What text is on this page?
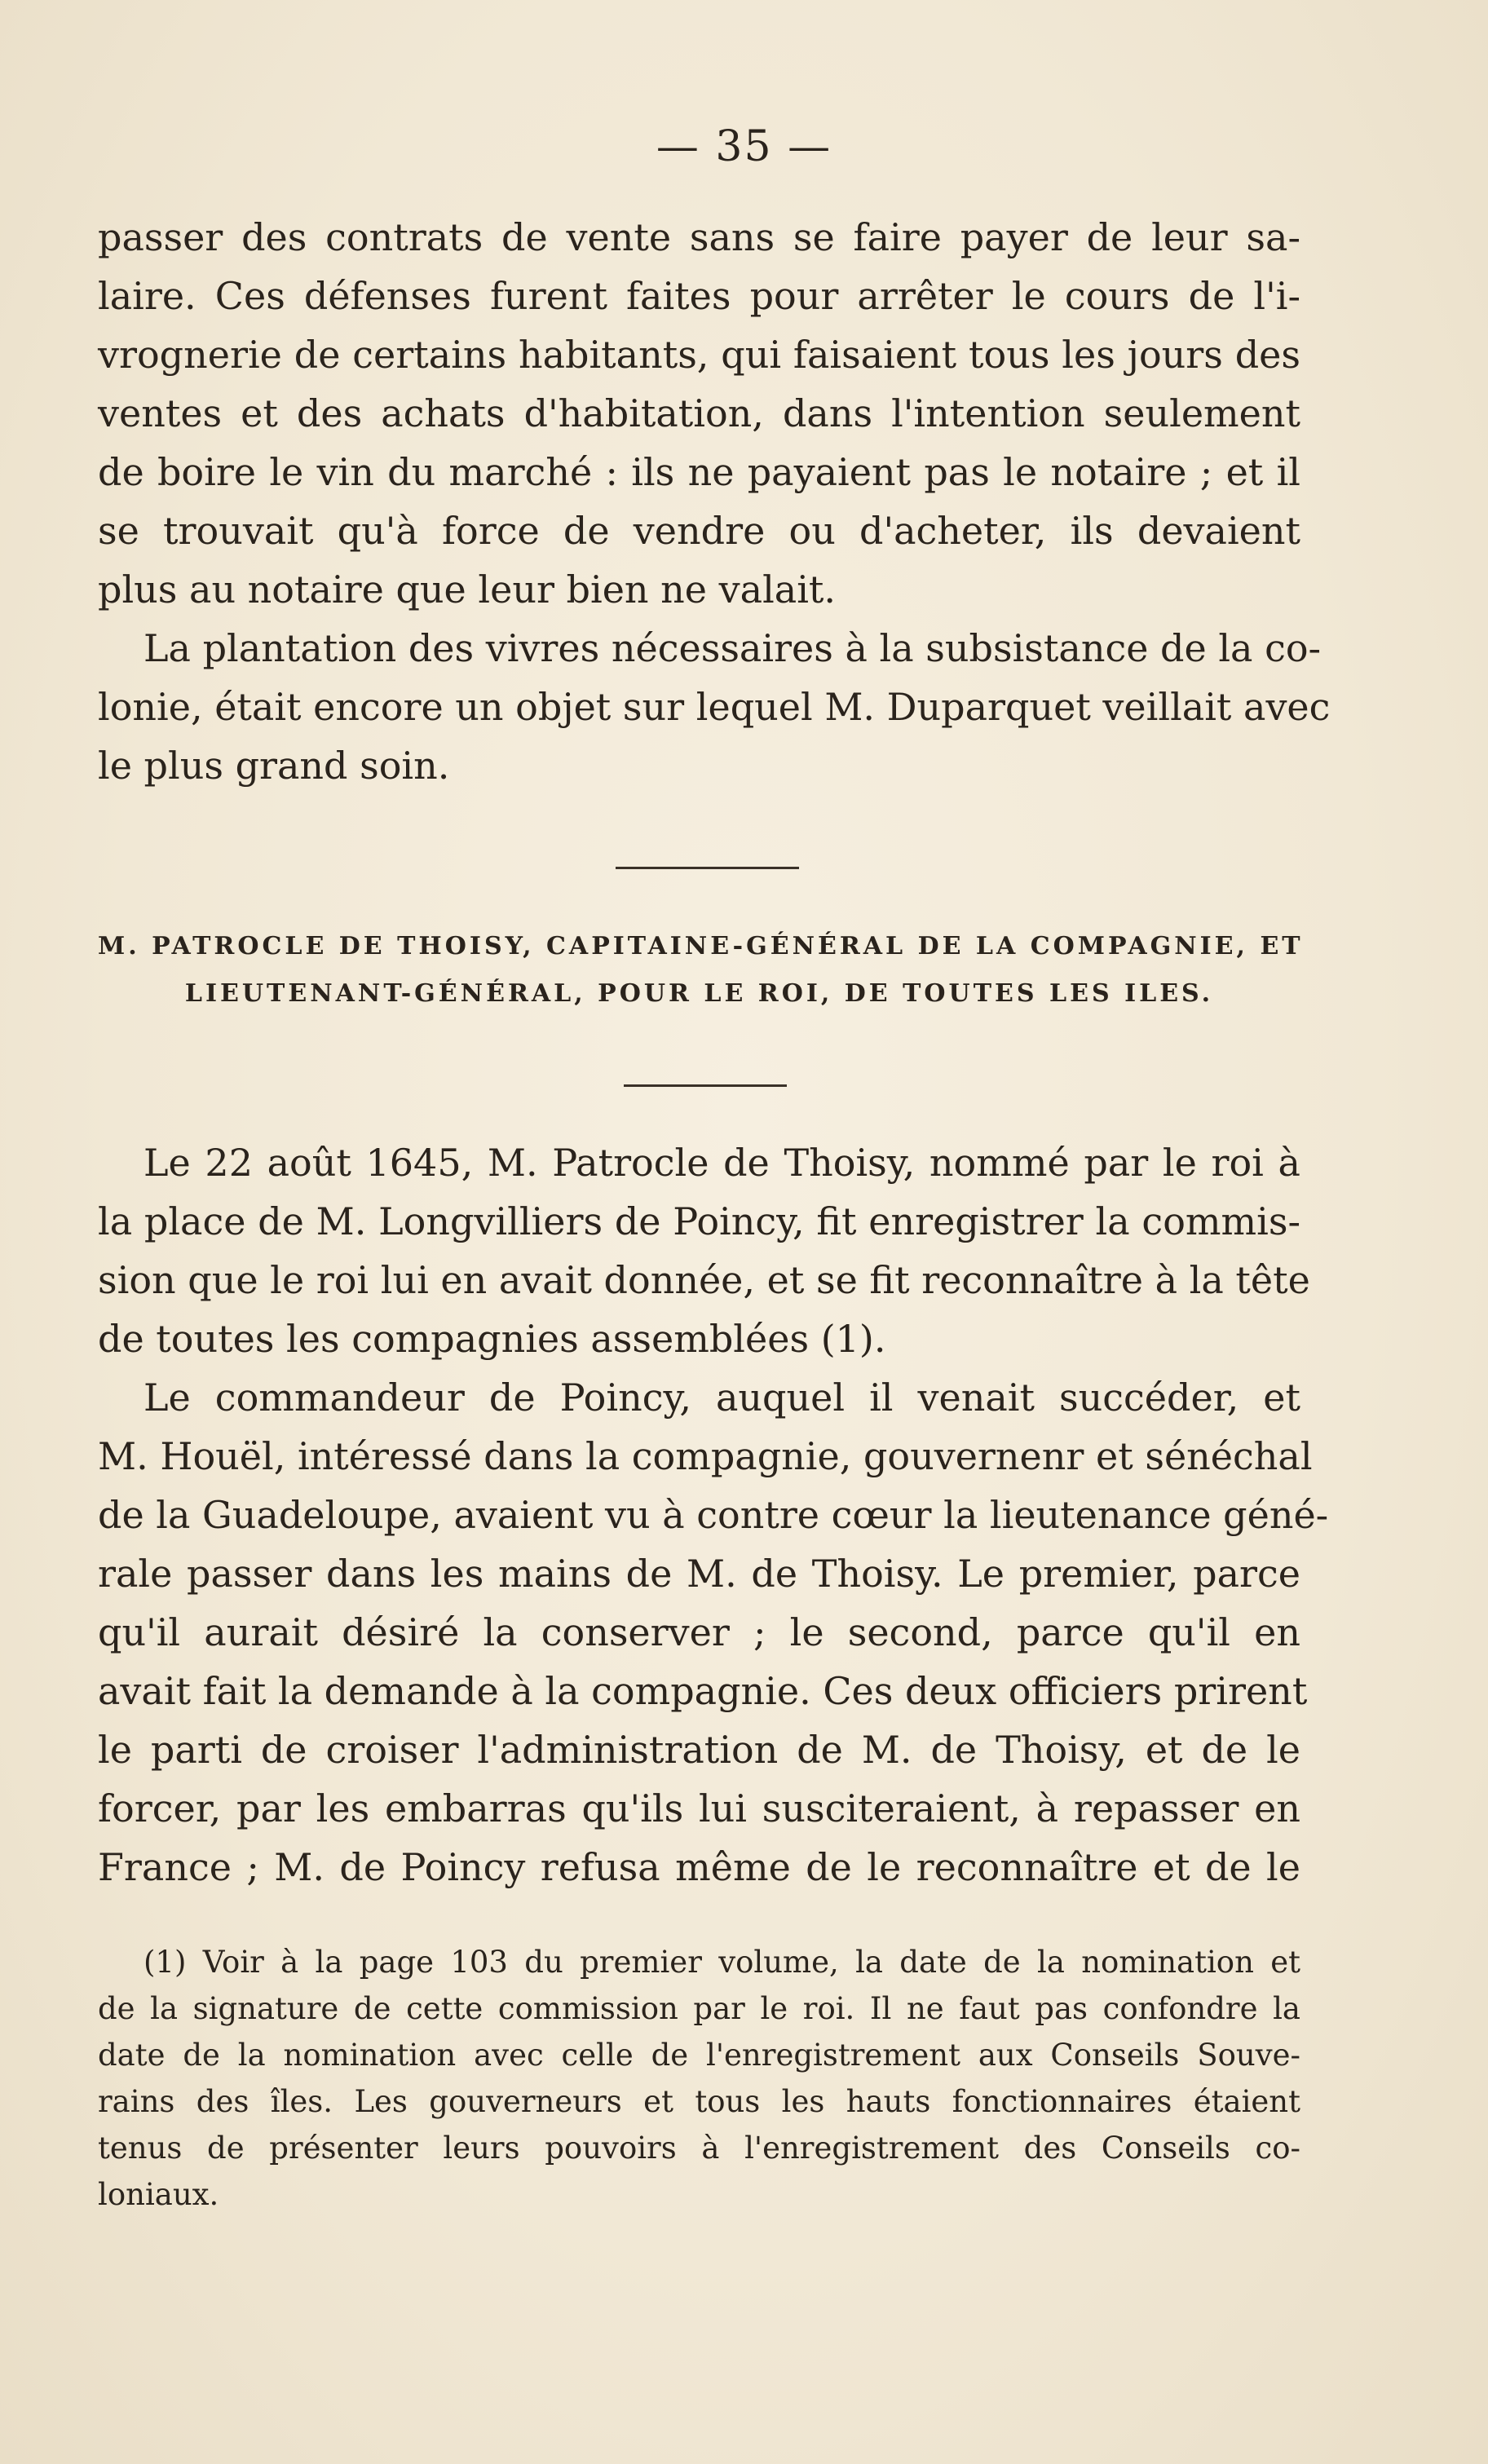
— 35 —
passer des contrats de vente sans se faire payer de leur sa-
laire. Ces défenses furent faites pour arrêter le cours de l'i-
vrognerie de certains habitants, qui faisaient tous les jours des
ventes et des achats d'habitation, dans l'intention seulement
de boire le vin du marché : ils ne payaient pas le notaire ; et il
se trouvait qu'à force de vendre ou d'acheter, ils devaient
plus au notaire que leur bien ne valait.
La plantation des vivres nécessaires à la subsistance de la co-
lonie, était encore un objet sur lequel M. Duparquet veillait avec
le plus grand soin.
M. PATROCLE DE THOISY, CAPITAINE-GÉNÉRAL DE LA COMPAGNIE, ET
LIEUTENANT-GÉNÉRAL, POUR LE ROI, DE TOUTES LES ILES.
Le 22 août 1645, M. Patrocle de Thoisy, nommé par le roi à
la place de M. Longvilliers de Poincy, fit enregistrer la commis-
sion que le roi lui en avait donnée, et se fit reconnaître à la tête
de toutes les compagnies assemblées (1).
Le commandeur de Poincy, auquel il venait succéder, et
M. Houël, intéressé dans la compagnie, gouvernenr et sénéchal
de la Guadeloupe, avaient vu à contre cœur la lieutenance géné-
rale passer dans les mains de M. de Thoisy. Le premier, parce
qu'il aurait désiré la conserver ; le second, parce qu'il en
avait fait la demande à la compagnie. Ces deux officiers prirent
le parti de croiser l'administration de M. de Thoisy, et de le
forcer, par les embarras qu'ils lui susciteraient, à repasser en
France ; M. de Poincy refusa même de le reconnaître et de le
(1) Voir à la page 103 du premier volume, la date de la nomination et
de la signature de cette commission par le roi. Il ne faut pas confondre la
date de la nomination avec celle de l'enregistrement aux Conseils Souve-
rains des îles. Les gouverneurs et tous les hauts fonctionnaires étaient
tenus de présenter leurs pouvoirs à l'enregistrement des Conseils co-
loniaux.
